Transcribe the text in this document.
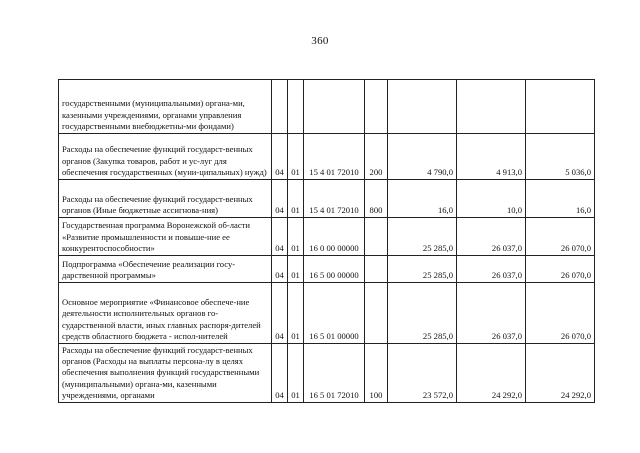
360
государственными (муниципальными) органа-ми, казенными учреждениями, органами управления государственными внебюджетны-ми фондами)							
Расходы на обеспечение функций государст-венных органов (Закупка товаров, работ и ус-луг для обеспечения государственных (муни-ципальных) нужд)	04	01	15 4 01 72010	200	4 790,0	4 913,0	5 036,0
Расходы на обеспечение функций государст-венных органов (Иные бюджетные ассигнова-ния)	04	01	15 4 01 72010	800	16,0	10,0	16,0
Государственная программа Воронежской об-ласти «Развитие промышленности и повыше-ние ее конкурентоспособности»	04	01	16 0 00 00000		25 285,0	26 037,0	26 070,0
Подпрограмма «Обеспечение реализации госу-дарственной программы»	04	01	16 5 00 00000		25 285,0	26 037,0	26 070,0
Основное мероприятие «Финансовое обеспече-ние деятельности исполнительных органов го-сударственной власти, иных главных распоря-дителей средств областного бюджета - испол-нителей	04	01	16 5 01 00000		25 285,0	26 037,0	26 070,0
Расходы на обеспечение функций государст-венных органов (Расходы на выплаты персона-лу в целях обеспечения выполнения функций государственными (муниципальными) органа-ми, казенными учреждениями, органами	04	01	16 5 01 72010	100	23 572,0	24 292,0	24 292,0
